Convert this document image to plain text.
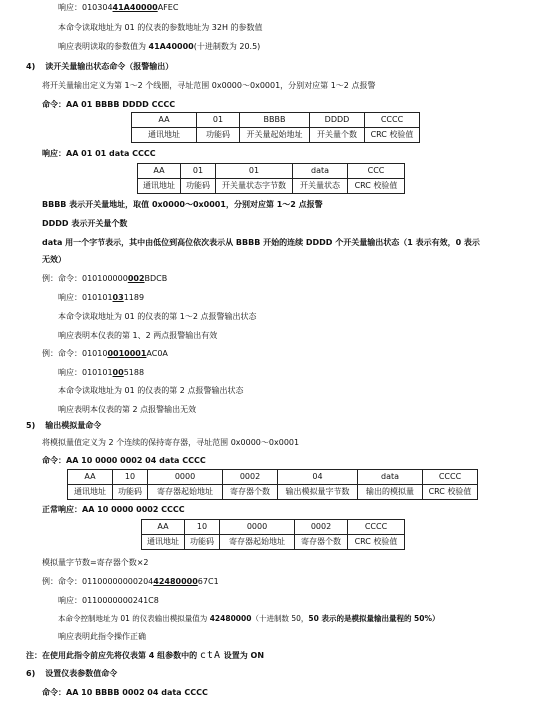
响应：01030441A40000AFEC
本命令读取地址为 01 的仪表的参数地址为 32H 的参数值
响应表明读取的参数值为 41A40000(十进制数为 20.5)
4) 读开关量输出状态命令（报警输出）
将开关量输出定义为第 1～2 个线圈，寻址范围 0x0000～0x0001，分别对应第 1～2 点报警
命令：AA 01 BBBB DDDD CCCC
AA	01	BBBB	DDDD	CCCC
通讯地址	功能码	开关量起始地址	开关量个数	CRC 校验值
响应：AA 01 01 data CCCC
AA	01	01	data	CCC
通讯地址	功能码	开关量状态字节数	开关量状态	CRC 校验值
BBBB 表示开关量地址，取值 0x0000～0x0001，分别对应第 1～2 点报警
DDDD 表示开关量个数
data 用一个字节表示，其中由低位到高位依次表示从 BBBB 开始的连续 DDDD 个开关量输出状态（1 表示有效，0 表示
无效）
例：命令：010100000002BDCB
响应：010101031189
本命令读取地址为 01 的仪表的第 1～2 点报警输出状态
响应表明本仪表的第 1、2 两点报警输出有效
例：命令：010100010001AC0A
响应：010101005188
本命令读取地址为 01 的仪表的第 2 点报警输出状态
响应表明本仪表的第 2 点报警输出无效
5) 输出模拟量命令
将模拟量值定义为 2 个连续的保持寄存器，寻址范围 0x0000～0x0001
命令：AA 10 0000 0002 04 data CCCC
AA	10	0000	0002	04	data	CCCC
通讯地址	功能码	寄存器起始地址	寄存器个数	输出模拟量字节数	输出的模拟量	CRC 校验值
正常响应：AA 10 0000 0002 CCCC
AA	10	0000	0002	CCCC
通讯地址	功能码	寄存器起始地址	寄存器个数	CRC 校验值
模拟量字节数=寄存器个数×2
例：命令：011000000002044248000067C1
响应：0110000000241C8
本命令控制地址为 01 的仪表输出模拟量值为 42480000（十进制数 50，50 表示的是模拟量输出量程的 50%）
响应表明此指令操作正确
注：在使用此指令前应先将仪表第 4 组参数中的 ctA 设置为 ON
6) 设置仪表参数值命令
命令：AA 10 BBBB 0002 04 data CCCC
